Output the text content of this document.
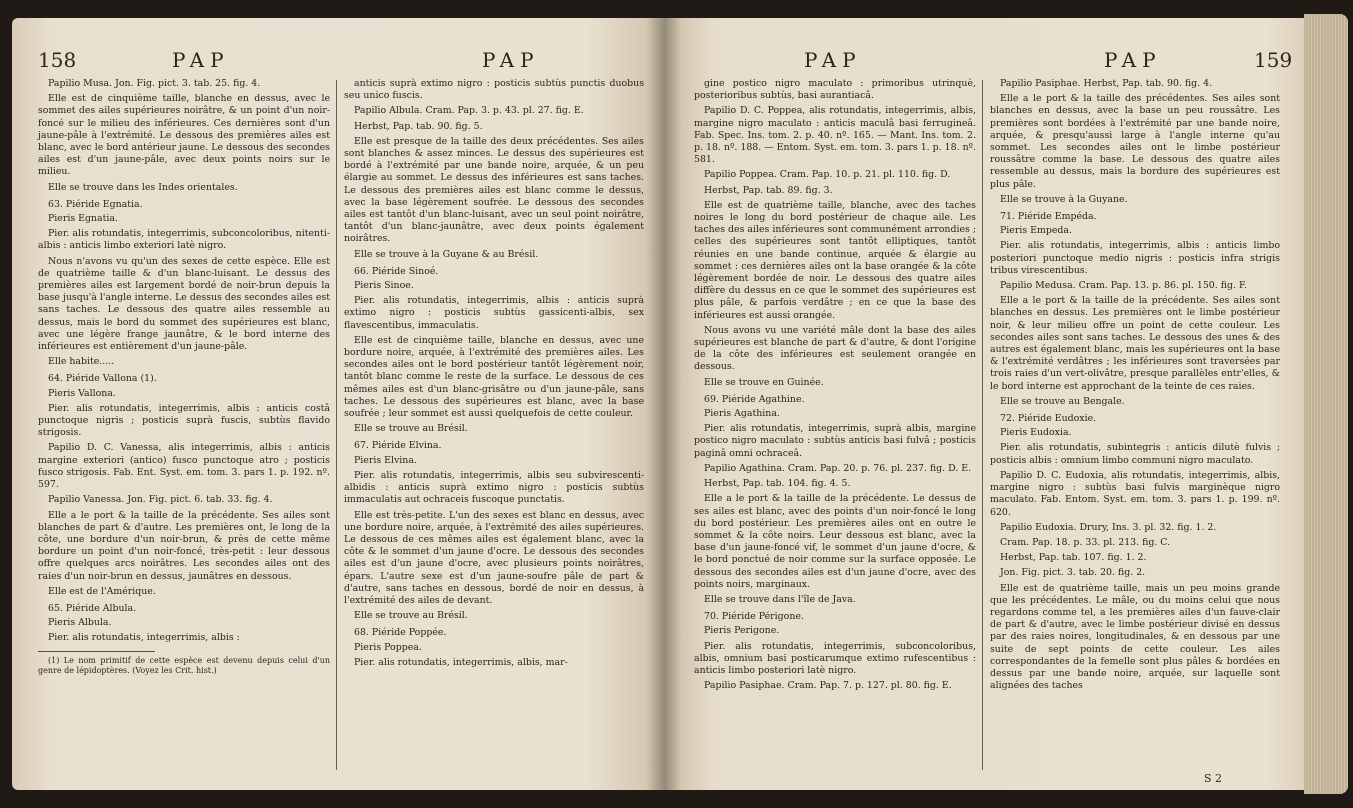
158	PAP	PAP

Papilio Musa. Jon. Fig. pict. 3. tab. 25. fig. 4.

Elle est de cinquième taille, blanche en dessus, avec le sommet des ailes supérieures noirâtre, & un point d'un noir-foncé sur le milieu des inférieures. Ces dernières sont d'un jaune-pâle à l'extrémité. Le dessous des premières ailes est blanc, avec le bord antérieur jaune. Le dessous des secondes ailes est d'un jaune-pâle, avec deux points noirs sur le milieu.

Elle se trouve dans les Indes orientales.

63. Piéride Egnatia.

Pieris Egnatia.

Pier. alis rotundatis, integerrimis, subconcoloribus, nitenti-albis : anticis limbo exteriori latè nigro.

Nous n'avons vu qu'un des sexes de cette espèce. Elle est de quatrième taille & d'un blanc-luisant. Le dessus des premières ailes est largement bordé de noir-brun depuis la base jusqu'à l'angle interne. Le dessus des secondes ailes est sans taches. Le dessous des quatre ailes ressemble au dessus, mais le bord du sommet des supérieures est blanc, avec une légère frange jaunâtre, & le bord interne des inférieures est entièrement d'un jaune-pâle.

Elle habite.....

64. Piéride Vallona (1).

Pieris Vallona.

Pier. alis rotundatis, integerrimis, albis : anticis costâ punctoque nigris ; posticis suprà fuscis, subtùs flavido strigosis.

Papilio D. C. Vanessa, alis integerrimis, albis : anticis margine exteriori (antico) fusco punctoque atro ; posticis fusco strigosis. Fab. Ent. Syst. em. tom. 3. pars 1. p. 192. nº. 597.

Papilio Vanessa. Jon. Fig. pict. 6. tab. 33. fig. 4.

Elle a le port & la taille de la précédente. Ses ailes sont blanches de part & d'autre. Les premières ont, le long de la côte, une bordure d'un noir-brun, & près de cette même bordure un point d'un noir-foncé, très-petit : leur dessous offre quelques arcs noirâtres. Les secondes ailes ont des raies d'un noir-brun en dessus, jaunâtres en dessous.

Elle est de l'Amérique.

65. Piéride Albula.

Pieris Albula.

Pier. alis rotundatis, integerrimis, albis :

(1) Le nom primitif de cette espèce est devenu depuis celui d'un genre de lépidoptères. (Voyez les Crit. hist.)

anticis suprà extimo nigro : posticis subtùs punctis duobus seu unico fuscis.

Papilio Albula. Cram. Pap. 3. p. 43. pl. 27. fig. E.

Herbst, Pap. tab. 90. fig. 5.

Elle est presque de la taille des deux précédentes. Ses ailes sont blanches & assez minces. Le dessus des supérieures est bordé à l'extrémité par une bande noire, arquée, & un peu élargie au sommet. Le dessus des inférieures est sans taches. Le dessous des premières ailes est blanc comme le dessus, avec la base légèrement soufrée. Le dessous des secondes ailes est tantôt d'un blanc-luisant, avec un seul point noirâtre, tantôt d'un blanc-jaunâtre, avec deux points également noirâtres.

Elle se trouve à la Guyane & au Brésil.

66. Piéride Sinoé.

Pieris Sinoe.

Pier. alis rotundatis, integerrimis, albis : anticis suprà extimo nigro : posticis subtùs gassicenti-albis, sex flavescentibus, immaculatis.

Elle est de cinquième taille, blanche en dessus, avec une bordure noire, arquée, à l'extrémité des premières ailes. Les secondes ailes ont le bord postérieur tantôt légèrement noir, tantôt blanc comme le reste de la surface. Le dessous de ces mêmes ailes est d'un blanc-grisâtre ou d'un jaune-pâle, sans taches. Le dessous des supérieures est blanc, avec la base soufrée ; leur sommet est aussi quelquefois de cette couleur.

Elle se trouve au Brésil.

67. Piéride Elvina.

Pieris Elvina.

Pier. alis rotundatis, integerrimis, albis seu subvirescenti-albidis : anticis suprà extimo nigro : posticis subtùs immaculatis aut ochraceis fuscoque punctatis.

Elle est très-petite. L'un des sexes est blanc en dessus, avec une bordure noire, arquée, à l'extrémité des ailes supérieures. Le dessous de ces mêmes ailes est également blanc, avec la côte & le sommet d'un jaune d'ocre. Le dessous des secondes ailes est d'un jaune d'ocre, avec plusieurs points noirâtres, épars. L'autre sexe est d'un jaune-soufre pâle de part & d'autre, sans taches en dessous, bordé de noir en dessus, à l'extrémité des ailes de devant.

Elle se trouve au Brésil.

68. Piéride Poppée.

Pieris Poppea.

Pier. alis rotundatis, integerrimis, albis, mar-

PAP	PAP	159

gine postico nigro maculato : primoribus utrinquè, posterioribus subtùs, basi aurantiacâ.

Papilio D. C. Poppea, alis rotundatis, integerrimis, albis, margine nigro maculato : anticis maculâ basi ferrugineâ. Fab. Spec. Ins. tom. 2. p. 40. nº. 165. — Mant. Ins. tom. 2. p. 18. nº. 188. — Entom. Syst. em. tom. 3. pars 1. p. 18. nº. 581.

Papilio Poppea. Cram. Pap. 10. p. 21. pl. 110. fig. D.

Herbst, Pap. tab. 89. fig. 3.

Elle est de quatrième taille, blanche, avec des taches noires le long du bord postérieur de chaque aile. Les taches des ailes inférieures sont communément arrondies ; celles des supérieures sont tantôt elliptiques, tantôt réunies en une bande continue, arquée & élargie au sommet : ces dernières ailes ont la base orangée & la côte légèrement bordée de noir. Le dessous des quatre ailes diffère du dessus en ce que le sommet des supérieures est plus pâle, & parfois verdâtre ; en ce que la base des inférieures est aussi orangée.

Nous avons vu une variété mâle dont la base des ailes supérieures est blanche de part & d'autre, & dont l'origine de la côte des inférieures est seulement orangée en dessous.

Elle se trouve en Guinée.

69. Piéride Agathine.

Pieris Agathina.

Pier. alis rotundatis, integerrimis, suprà albis, margine postico nigro maculato : subtùs anticis basi fulvâ ; posticis paginâ omni ochraceâ.

Papilio Agathina. Cram. Pap. 20. p. 76. pl. 237. fig. D. E.

Herbst, Pap. tab. 104. fig. 4. 5.

Elle a le port & la taille de la précédente. Le dessus de ses ailes est blanc, avec des points d'un noir-foncé le long du bord postérieur. Les premières ailes ont en outre le sommet & la côte noirs. Leur dessous est blanc, avec la base d'un jaune-foncé vif, le sommet d'un jaune d'ocre, & le bord ponctué de noir comme sur la surface opposée. Le dessous des secondes ailes est d'un jaune d'ocre, avec des points noirs, marginaux.

Elle se trouve dans l'île de Java.

70. Piéride Périgone.

Pieris Perigone.

Pier. alis rotundatis, integerrimis, subconcoloribus, albis, omnium basi posticarumque extimo rufescentibus : anticis limbo posteriori latè nigro.

Papilio Pasiphae. Cram. Pap. 7. p. 127. pl. 80. fig. E.

Papilio Pasiphae. Herbst, Pap. tab. 90. fig. 4.

Elle a le port & la taille des précédentes. Ses ailes sont blanches en dessus, avec la base un peu roussâtre. Les premières sont bordées à l'extrémité par une bande noire, arquée, & presqu'aussi large à l'angle interne qu'au sommet. Les secondes ailes ont le limbe postérieur roussâtre comme la base. Le dessous des quatre ailes ressemble au dessus, mais la bordure des supérieures est plus pâle.

Elle se trouve à la Guyane.

71. Piéride Empéda.

Pieris Empeda.

Pier. alis rotundatis, integerrimis, albis : anticis limbo posteriori punctoque medio nigris : posticis infra strigis tribus virescentibus.

Papilio Medusa. Cram. Pap. 13. p. 86. pl. 150. fig. F.

Elle a le port & la taille de la précédente. Ses ailes sont blanches en dessus. Les premières ont le limbe postérieur noir, & leur milieu offre un point de cette couleur. Les secondes ailes sont sans taches. Le dessous des unes & des autres est également blanc, mais les supérieures ont la base & l'extrémité verdâtres ; les inférieures sont traversées par trois raies d'un vert-olivâtre, presque parallèles entr'elles, & le bord interne est approchant de la teinte de ces raies.

Elle se trouve au Bengale.

72. Piéride Eudoxie.

Pieris Eudoxia.

Pier. alis rotundatis, subintegris : anticis dilutè fulvis ; posticis albis : omnium limbo communi nigro maculato.

Papilio D. C. Eudoxia, alis rotundatis, integerrimis, albis, margine nigro : subtùs basi fulvis marginèque nigro maculato. Fab. Entom. Syst. em. tom. 3. pars 1. p. 199. nº. 620.

Papilio Eudoxia. Drury, Ins. 3. pl. 32. fig. 1. 2.

Cram. Pap. 18. p. 33. pl. 213. fig. C.

Herbst, Pap. tab. 107. fig. 1. 2.

Jon. Fig. pict. 3. tab. 20. fig. 2.

Elle est de quatrième taille, mais un peu moins grande que les précédentes. Le mâle, ou du moins celui que nous regardons comme tel, a les premières ailes d'un fauve-clair de part & d'autre, avec le limbe postérieur divisé en dessus par des raies noires, longitudinales, & en dessous par une suite de sept points de cette couleur. Les ailes correspondantes de la femelle sont plus pâles & bordées en dessus par une bande noire, arquée, sur laquelle sont alignées des taches

S 2
